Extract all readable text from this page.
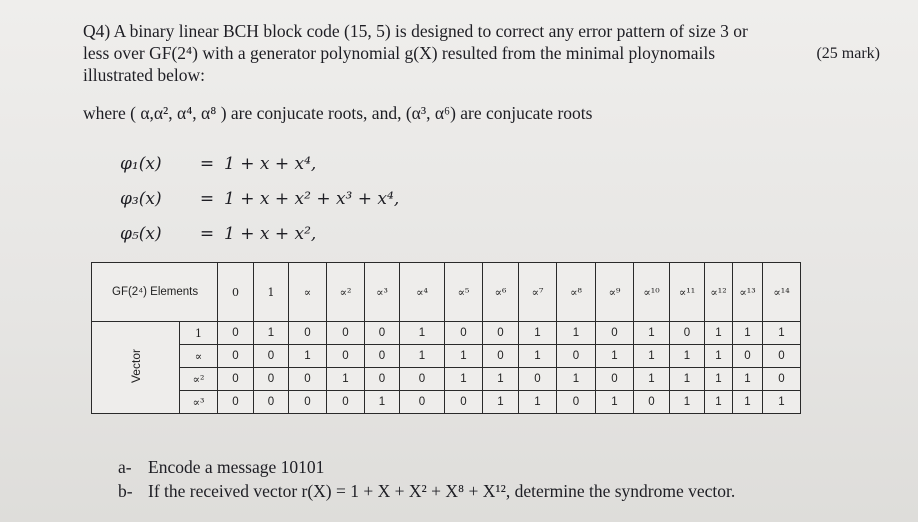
Q4) A binary linear BCH block code (15, 5) is designed to correct any error pattern of size 3 or
less over GF(2⁴) with a generator polynomial g(X) resulted from the minimal ploynomails
illustrated below:
(25 mark)
where ( α,α², α⁴, α⁸ ) are conjucate roots, and, (α³, α⁶) are conjucate roots
φ₁(x) = 1 + x + x⁴,
φ₃(x) = 1 + x + x² + x³ + x⁴,
φ₅(x) = 1 + x + x²,
GF(2⁴) Elements		0	1	∝	∝²	∝³	∝⁴	∝⁵	∝⁶	∝⁷	∝⁸	∝⁹	∝¹⁰	∝¹¹	∝¹²	∝¹³	∝¹⁴
Vector	1	0	1	0	0	0	1	0	0	1	1	0	1	0	1	1	1
	∝	0	0	1	0	0	1	1	0	1	0	1	1	1	1	0	0
	∝²	0	0	0	1	0	0	1	1	0	1	0	1	1	1	1	0
	∝³	0	0	0	0	1	0	0	1	1	0	1	0	1	1	1	1
a- Encode a message 10101
b- If the received vector r(X) = 1 + X + X² + X⁸ + X¹², determine the syndrome vector.
